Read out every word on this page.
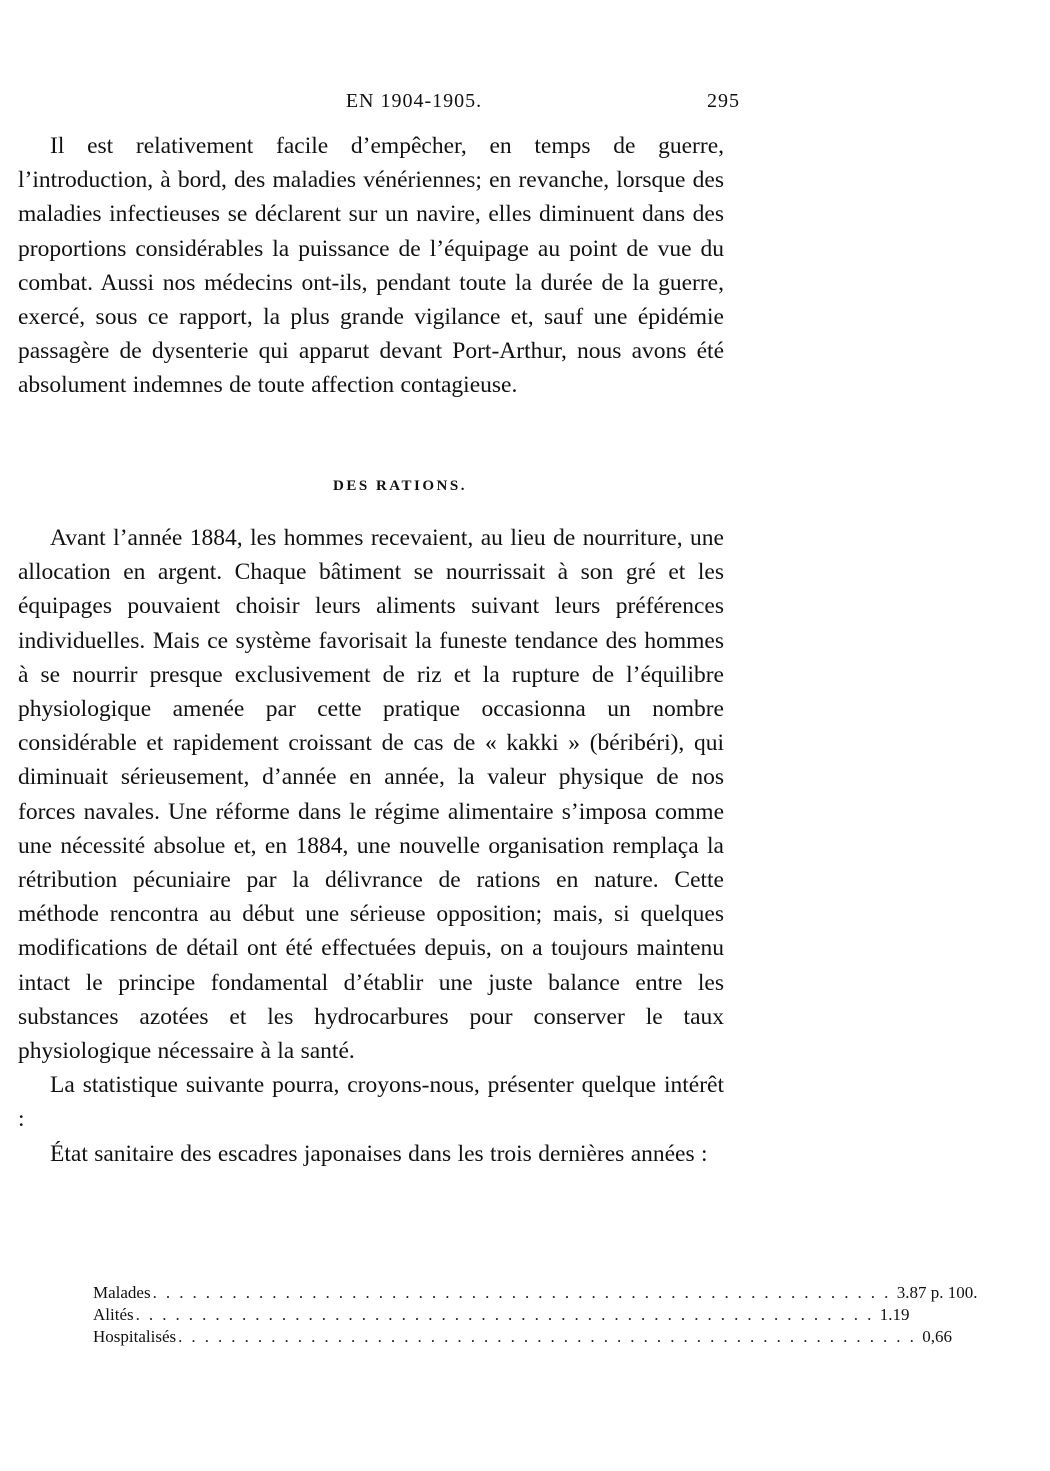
EN 1904-1905.	295

Il est relativement facile d’empêcher, en temps de guerre, l’introduction, à bord, des maladies vénériennes; en revanche, lorsque des maladies infectieuses se déclarent sur un navire, elles diminuent dans des proportions considérables la puissance de l’équipage au point de vue du combat. Aussi nos médecins ont-ils, pendant toute la durée de la guerre, exercé, sous ce rapport, la plus grande vigilance et, sauf une épidémie passagère de dysenterie qui apparut devant Port-Arthur, nous avons été absolument indemnes de toute affection contagieuse.

DES RATIONS.

Avant l’année 1884, les hommes recevaient, au lieu de nourriture, une allocation en argent. Chaque bâtiment se nourrissait à son gré et les équipages pouvaient choisir leurs aliments suivant leurs préférences individuelles. Mais ce système favorisait la funeste tendance des hommes à se nourrir presque exclusivement de riz et la rupture de l’équilibre physiologique amenée par cette pratique occasionna un nombre considérable et rapidement croissant de cas de « kakki » (béribéri), qui diminuait sérieusement, d’année en année, la valeur physique de nos forces navales. Une réforme dans le régime alimentaire s’imposa comme une nécessité absolue et, en 1884, une nouvelle organisation remplaça la rétribution pécuniaire par la délivrance de rations en nature. Cette méthode rencontra au début une sérieuse opposition; mais, si quelques modifications de détail ont été effectuées depuis, on a toujours maintenu intact le principe fondamental d’établir une juste balance entre les substances azotées et les hydrocarbures pour conserver le taux physiologique nécessaire à la santé.

La statistique suivante pourra, croyons-nous, présenter quelque intérêt :

État sanitaire des escadres japonaises dans les trois dernières années :

Malades . . . . . . . . . . . . . . . . . . . . . . . . . . . . . . . . . . . . . . . . . . . . . . . . . . . . . . . . 3.87 p. 100.
Alités . . . . . . . . . . . . . . . . . . . . . . . . . . . . . . . . . . . . . . . . . . . . . . . . . . . . . . . . 1.19
Hospitalisés . . . . . . . . . . . . . . . . . . . . . . . . . . . . . . . . . . . . . . . . . . . . . . . . . . . . . . . . 0,66
